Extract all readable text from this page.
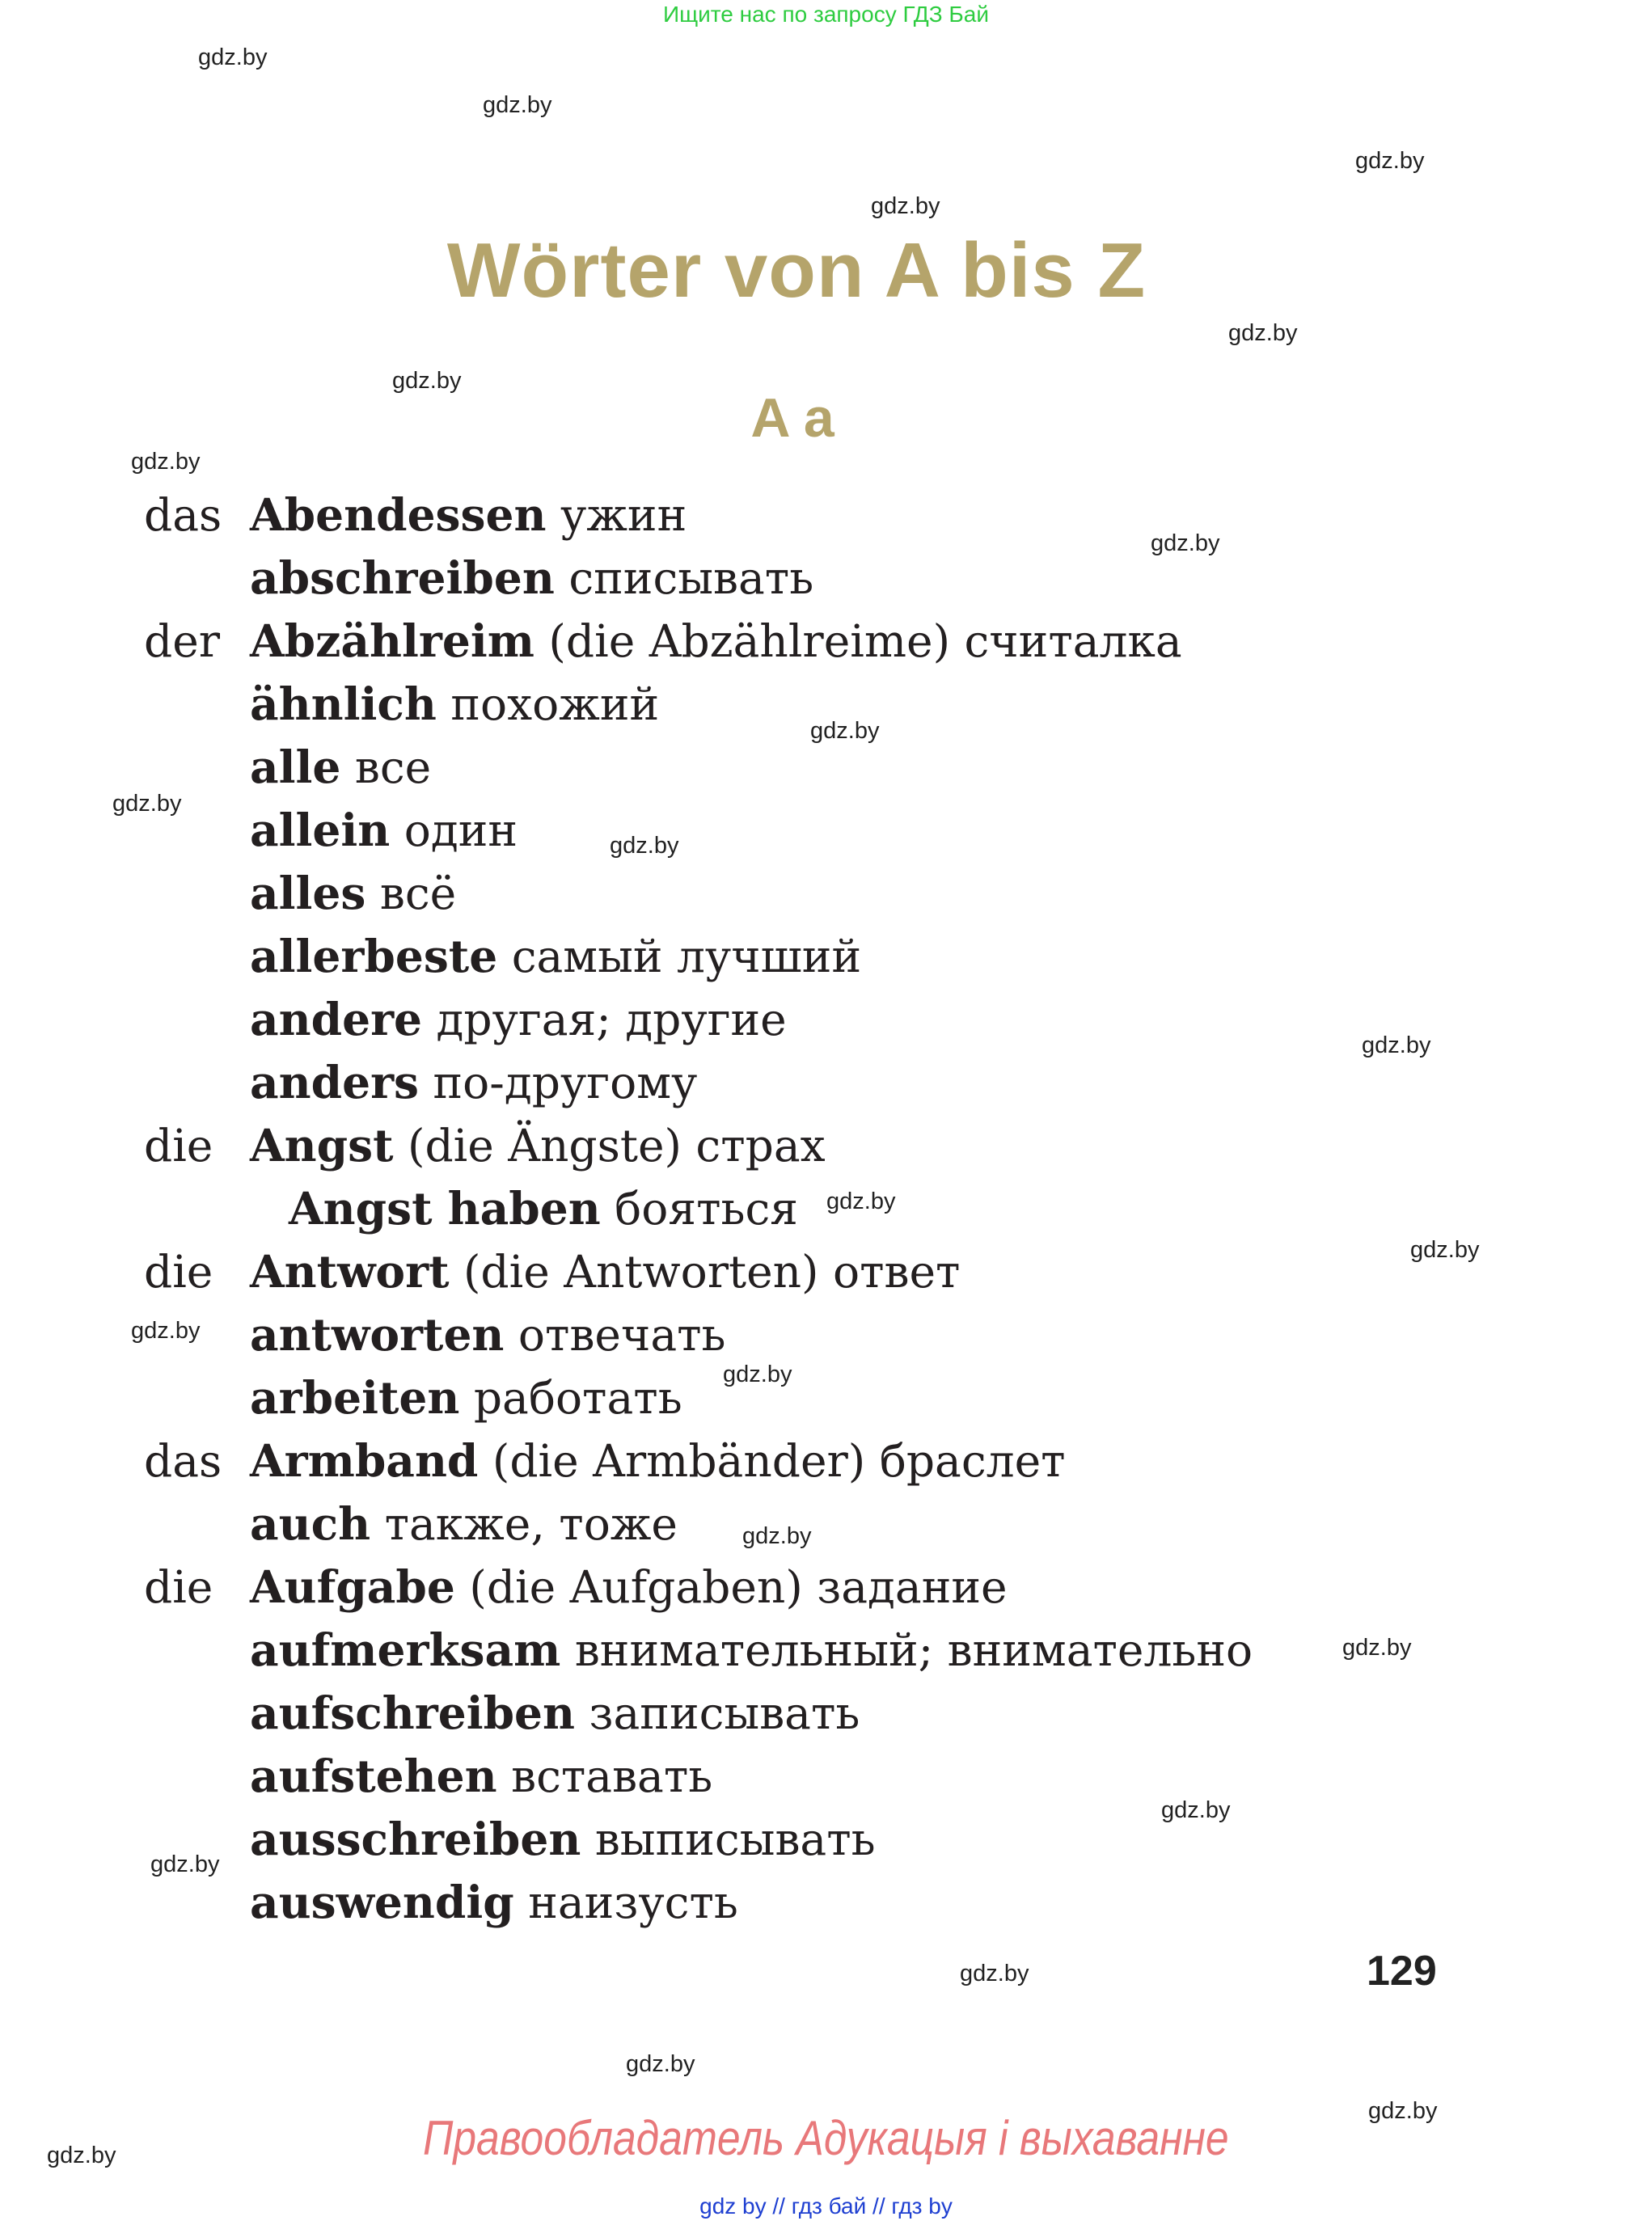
Ищите нас по запросу ГДЗ Бай
gdz.by
gdz.by
gdz.by
gdz.by
gdz.by
gdz.by
gdz.by
gdz.by
gdz.by
gdz.by
gdz.by
gdz.by
gdz.by
gdz.by
gdz.by
gdz.by
gdz.by
gdz.by
gdz.by
gdz.by
gdz.by
gdz.by
gdz.by
gdz.by
Wörter von A bis Z
A a
das Abendessen ужин
abschreiben списывать
der Abzählreim (die Abzählreime) считалка
ähnlich похожий
alle все
allein один
alles всё
allerbeste самый лучший
andere другая; другие
anders по-другому
die Angst (die Ängste) страх
Angst haben бояться
die Antwort (die Antworten) ответ
antworten отвечать
arbeiten работать
das Armband (die Armbänder) браслет
auch также, тоже
die Aufgabe (die Aufgaben) задание
aufmerksam внимательный; внимательно
aufschreiben записывать
aufstehen вставать
ausschreiben выписывать
auswendig наизусть
129
Правообладатель Адукацыя і выхаванне
gdz by // гдз бай // гдз by
